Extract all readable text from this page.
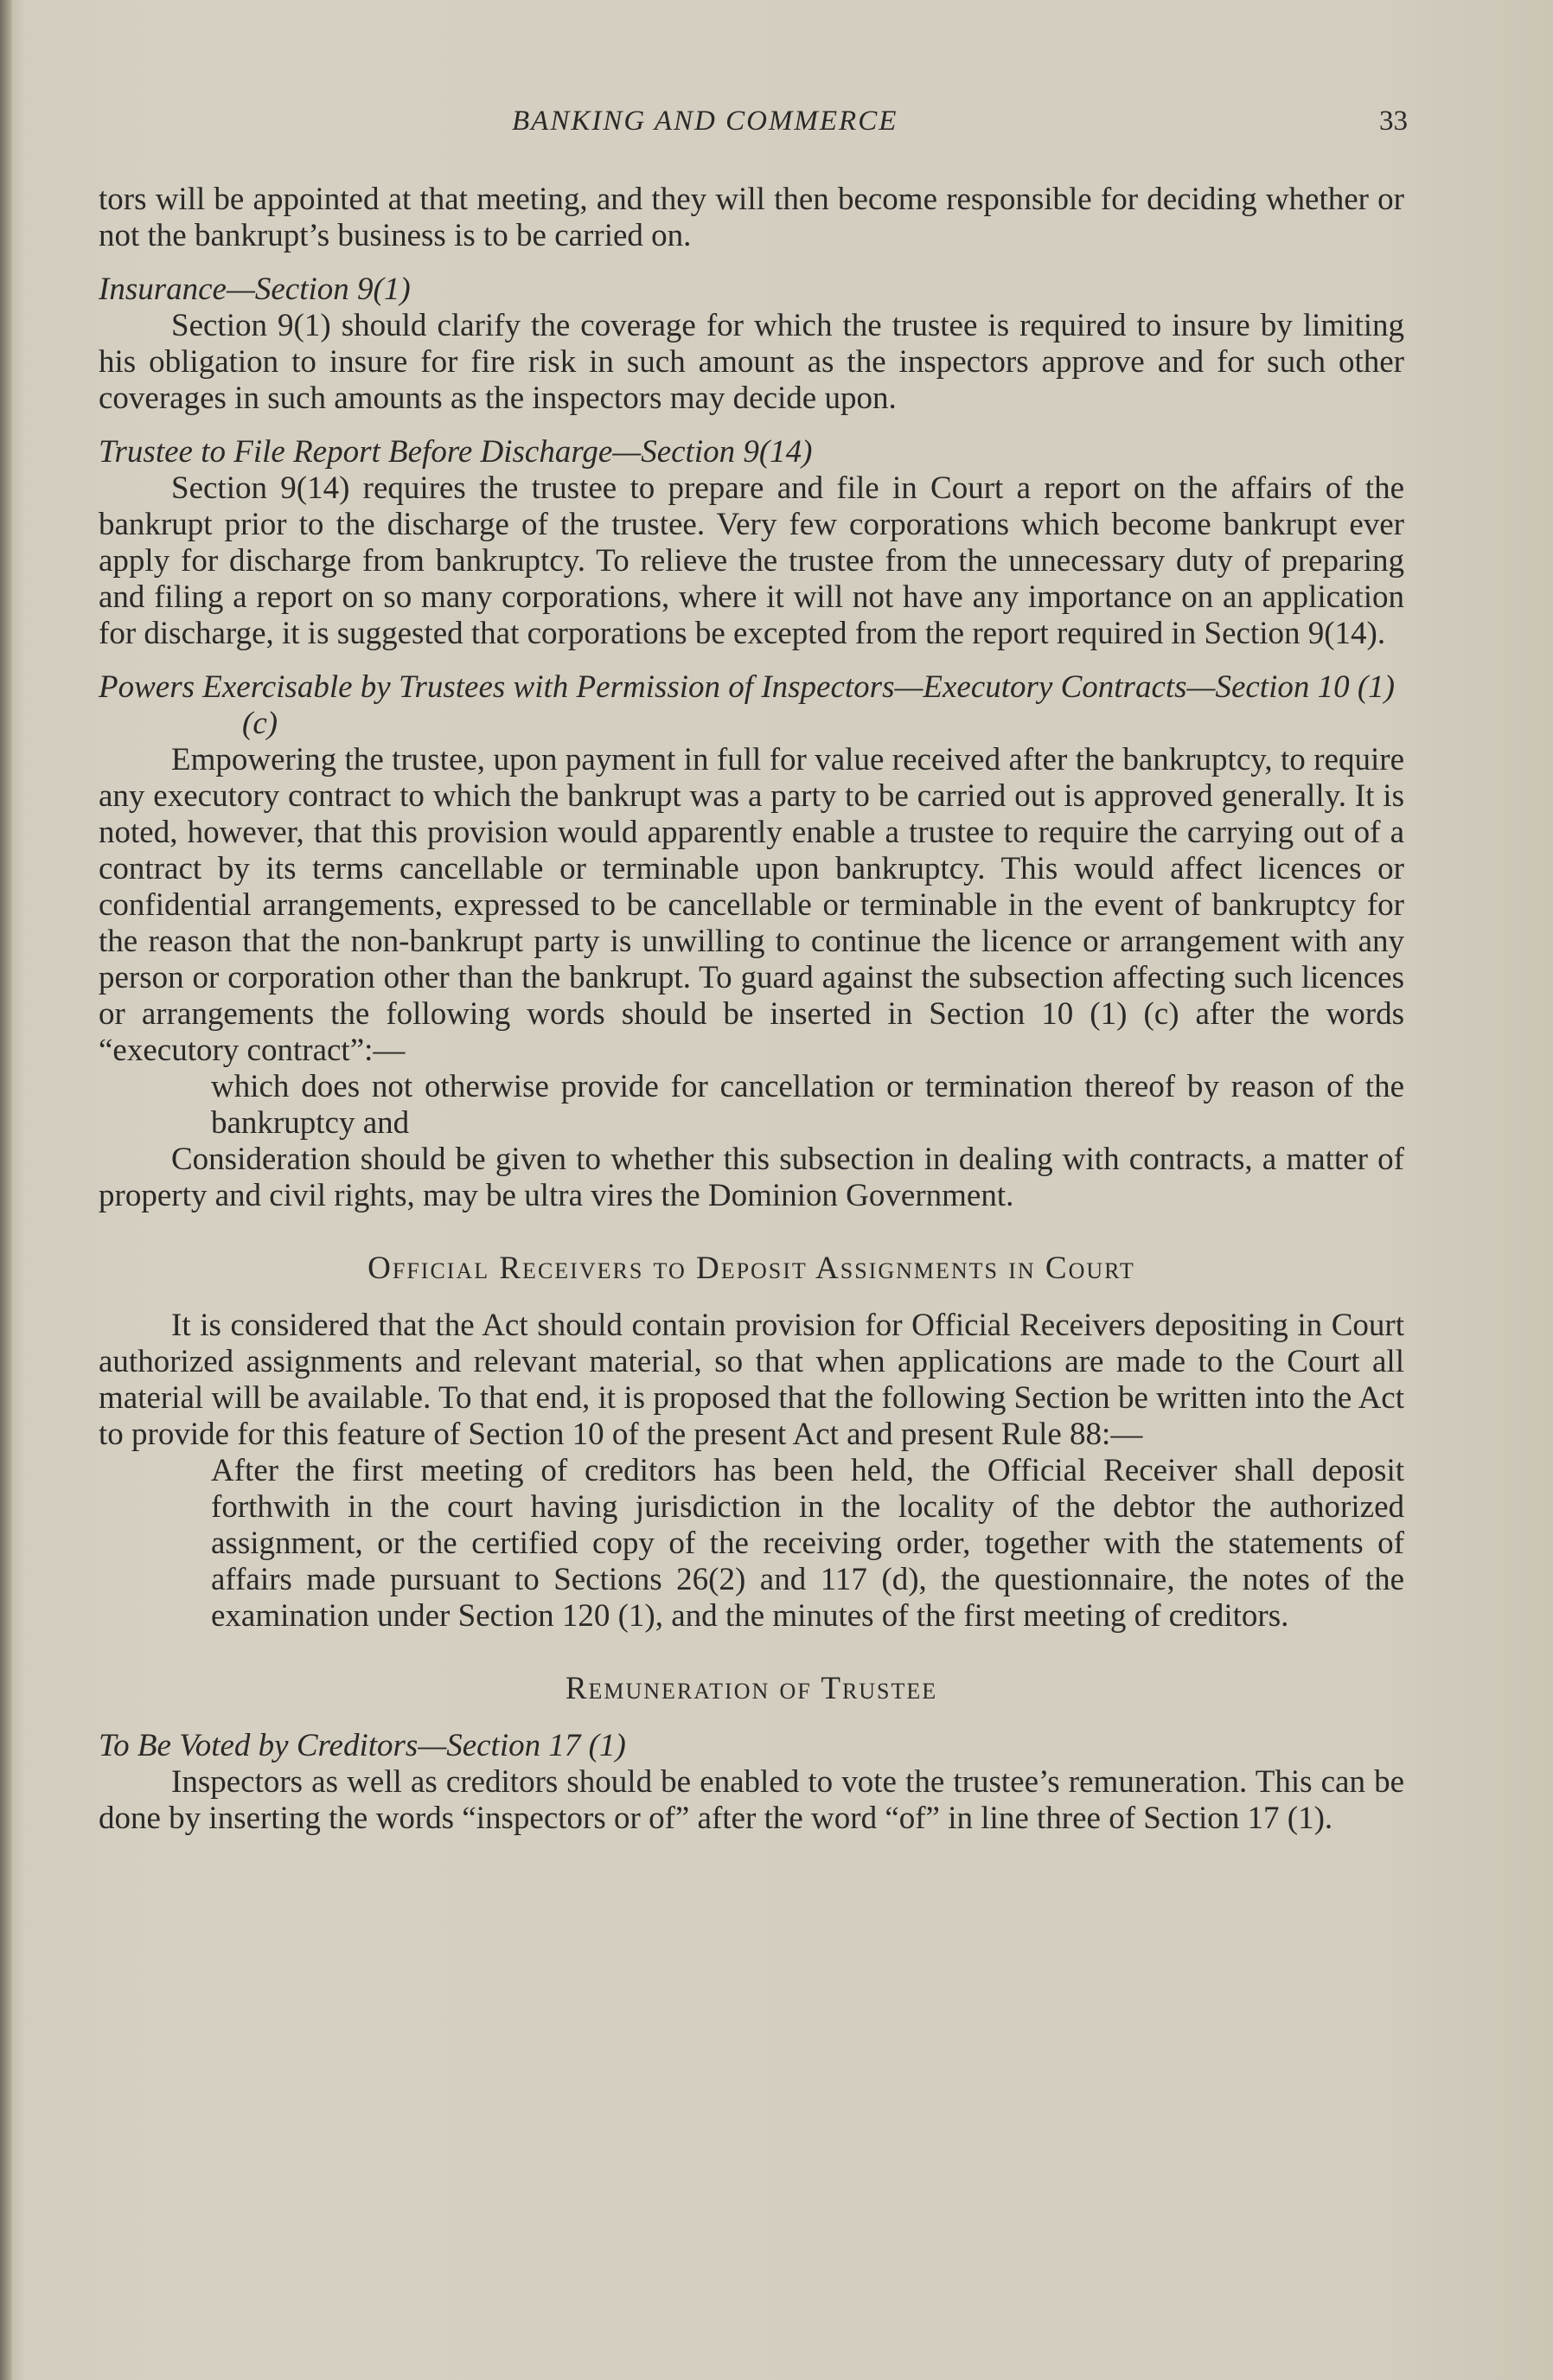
BANKING AND COMMERCE	33

tors will be appointed at that meeting, and they will then become responsible for deciding whether or not the bankrupt’s business is to be carried on.

Insurance—Section 9(1)

Section 9(1) should clarify the coverage for which the trustee is required to insure by limiting his obligation to insure for fire risk in such amount as the inspectors approve and for such other coverages in such amounts as the inspectors may decide upon.

Trustee to File Report Before Discharge—Section 9(14)

Section 9(14) requires the trustee to prepare and file in Court a report on the affairs of the bankrupt prior to the discharge of the trustee. Very few corporations which become bankrupt ever apply for discharge from bankruptcy. To relieve the trustee from the unnecessary duty of preparing and filing a report on so many corporations, where it will not have any importance on an application for discharge, it is suggested that corporations be excepted from the report required in Section 9(14).

Powers Exercisable by Trustees with Permission of Inspectors—Executory Contracts—Section 10 (1) (c)

Empowering the trustee, upon payment in full for value received after the bankruptcy, to require any executory contract to which the bankrupt was a party to be carried out is approved generally. It is noted, however, that this provision would apparently enable a trustee to require the carrying out of a contract by its terms cancellable or terminable upon bankruptcy. This would affect licences or confidential arrangements, expressed to be cancellable or terminable in the event of bankruptcy for the reason that the non-bankrupt party is unwilling to continue the licence or arrangement with any person or corporation other than the bankrupt. To guard against the subsection affecting such licences or arrangements the following words should be inserted in Section 10 (1) (c) after the words “executory contract”:—

which does not otherwise provide for cancellation or termination thereof by reason of the bankruptcy and

Consideration should be given to whether this subsection in dealing with contracts, a matter of property and civil rights, may be ultra vires the Dominion Government.

Official Receivers to Deposit Assignments in Court

It is considered that the Act should contain provision for Official Receivers depositing in Court authorized assignments and relevant material, so that when applications are made to the Court all material will be available. To that end, it is proposed that the following Section be written into the Act to provide for this feature of Section 10 of the present Act and present Rule 88:—

After the first meeting of creditors has been held, the Official Receiver shall deposit forthwith in the court having jurisdiction in the locality of the debtor the authorized assignment, or the certified copy of the receiving order, together with the statements of affairs made pursuant to Sections 26(2) and 117 (d), the questionnaire, the notes of the examination under Section 120 (1), and the minutes of the first meeting of creditors.
Remuneration of Trustee
To Be Voted by Creditors—Section 17 (1)

Inspectors as well as creditors should be enabled to vote the trustee’s remuneration. This can be done by inserting the words “inspectors or of” after the word “of” in line three of Section 17 (1).
